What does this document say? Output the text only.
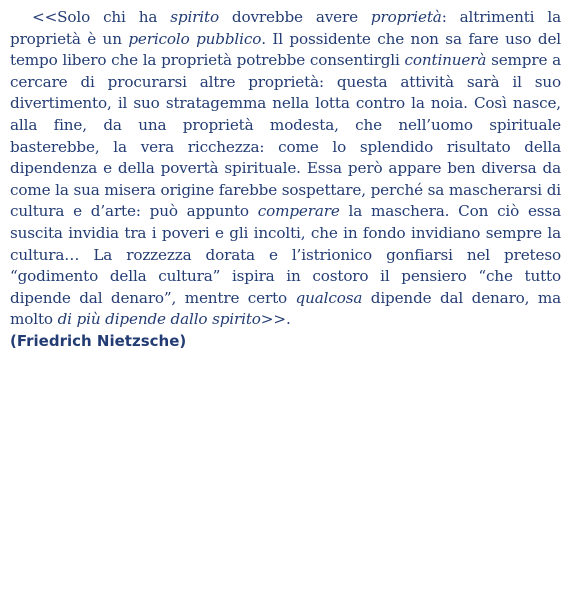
<<Solo chi ha spirito dovrebbe avere proprietà: altrimenti la proprietà è un pericolo pubblico. Il possidente che non sa fare uso del tempo libero che la proprietà potrebbe consentirgli continuerà sempre a cercare di procurarsi altre proprietà: questa attività sarà il suo divertimento, il suo stratagemma nella lotta contro la noia. Così nasce, alla fine, da una proprietà modesta, che nell’uomo spirituale basterebbe, la vera ricchezza: come lo splendido risultato della dipendenza e della povertà spirituale. Essa però appare ben diversa da come la sua misera origine farebbe sospettare, perché sa mascherarsi di cultura e d’arte: può appunto comperare la maschera. Con ciò essa suscita invidia tra i poveri e gli incolti, che in fondo invidiano sempre la cultura… La rozzezza dorata e l’istrionico gonfiarsi nel preteso “godimento della cultura” ispira in costoro il pensiero “che tutto dipende dal denaro”, mentre certo qualcosa dipende dal denaro, ma molto di più dipende dallo spirito>>.

(Friedrich Nietzsche)
